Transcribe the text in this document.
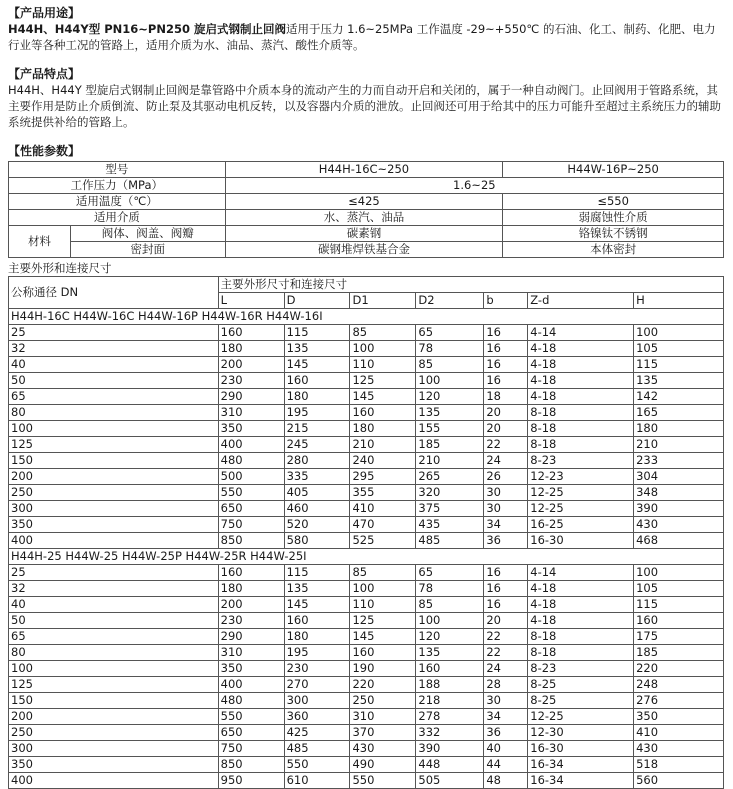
【产品用途】
H44H、H44Y型 PN16~PN250 旋启式钢制止回阀适用于压力 1.6~25MPa 工作温度 -29~+550℃ 的石油、化工、制药、化肥、电力行业等各种工况的管路上，适用介质为水、油品、蒸汽、酸性介质等。
【产品特点】
H44H、H44Y 型旋启式钢制止回阀是靠管路中介质本身的流动产生的力而自动开启和关闭的，属于一种自动阀门。止回阀用于管路系统，其主要作用是防止介质倒流、防止泵及其驱动电机反转，以及容器内介质的泄放。止回阀还可用于给其中的压力可能升至超过主系统压力的辅助系统提供补给的管路上。
【性能参数】
型号		H44H-16C~250	H44W-16P~250
工作压力（MPa）		1.6~25	
适用温度（℃）		≤425	≤550
适用介质		水、蒸汽、油品	弱腐蚀性介质
材料	阀体、阀盖、阀瓣	碳素钢	铬镍钛不锈钢
	密封面	碳钢堆焊铁基合金	本体密封
主要外形和连接尺寸
公称通径 DN	主要外形尺寸和连接尺寸						
	L	D	D1	D2	b	Z-d	H
H44H-16C H44W-16C H44W-16P H44W-16R H44W-16I							
25	160	115	85	65	16	4-14	100
32	180	135	100	78	16	4-18	105
40	200	145	110	85	16	4-18	115
50	230	160	125	100	16	4-18	135
65	290	180	145	120	18	4-18	142
80	310	195	160	135	20	8-18	165
100	350	215	180	155	20	8-18	180
125	400	245	210	185	22	8-18	210
150	480	280	240	210	24	8-23	233
200	500	335	295	265	26	12-23	304
250	550	405	355	320	30	12-25	348
300	650	460	410	375	30	12-25	390
350	750	520	470	435	34	16-25	430
400	850	580	525	485	36	16-30	468
H44H-25 H44W-25 H44W-25P H44W-25R H44W-25I							
25	160	115	85	65	16	4-14	100
32	180	135	100	78	16	4-18	105
40	200	145	110	85	16	4-18	115
50	230	160	125	100	20	4-18	160
65	290	180	145	120	22	8-18	175
80	310	195	160	135	22	8-18	185
100	350	230	190	160	24	8-23	220
125	400	270	220	188	28	8-25	248
150	480	300	250	218	30	8-25	276
200	550	360	310	278	34	12-25	350
250	650	425	370	332	36	12-30	410
300	750	485	430	390	40	16-30	430
350	850	550	490	448	44	16-34	518
400	950	610	550	505	48	16-34	560
